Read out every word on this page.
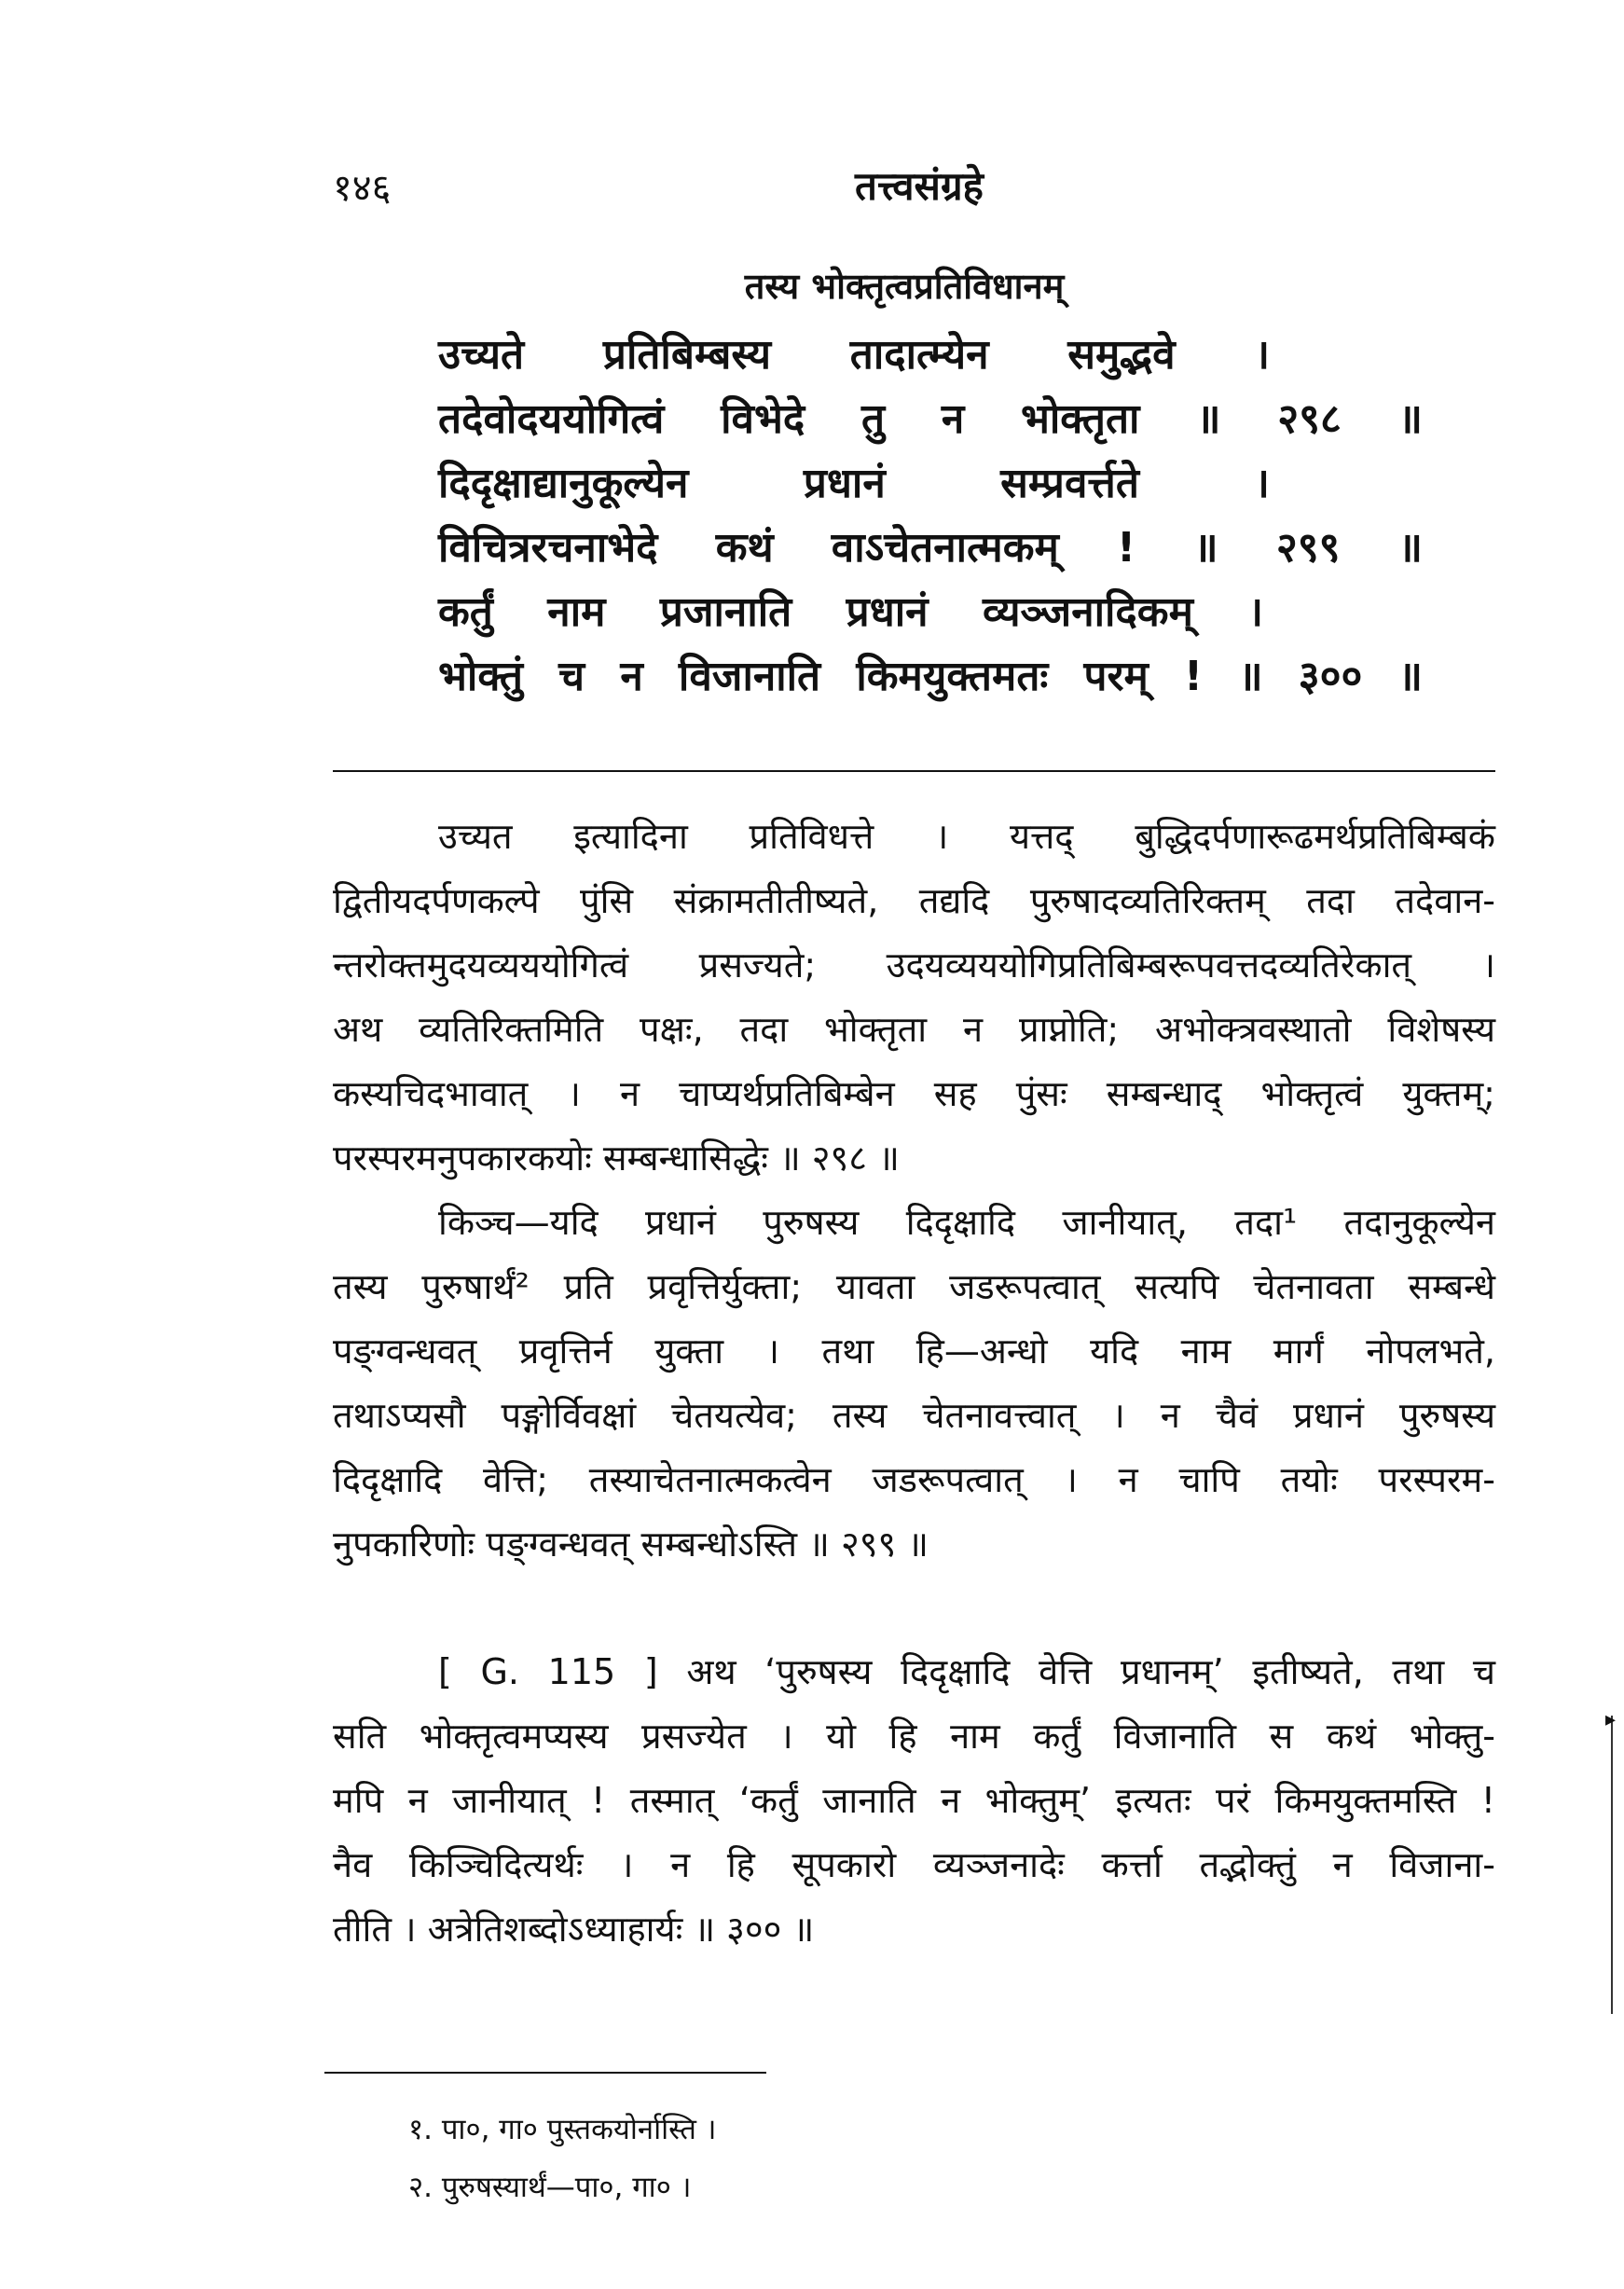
१४६	तत्त्वसंग्रहे
तस्य भोक्तृत्वप्रतिविधानम्
उच्यते प्रतिबिम्बस्य तादात्म्येन समुद्भवे ।
तदेवोदययोगित्वं विभेदे तु न भोक्तृता ॥ २९८ ॥
दिदृक्षाद्यानुकूल्येन प्रधानं सम्प्रवर्त्तते ।
विचित्ररचनाभेदे कथं वाऽचेतनात्मकम् ! ॥ २९९ ॥
कर्तुं नाम प्रजानाति प्रधानं व्यञ्जनादिकम् ।
भोक्तुं च न विजानाति किमयुक्तमतः परम् ! ॥ ३०० ॥
उच्यत इत्यादिना प्रतिविधत्ते । यत्तद् बुद्धिदर्पणारूढमर्थप्रतिबिम्बकं
द्वितीयदर्पणकल्पे पुंसि संक्रामतीतीष्यते, तद्यदि पुरुषादव्यतिरिक्तम् तदा तदेवान-
न्तरोक्तमुदयव्यययोगित्वं प्रसज्यते; उदयव्यययोगिप्रतिबिम्बरूपवत्तदव्यतिरेकात् ।
अथ व्यतिरिक्तमिति पक्षः, तदा भोक्तृता न प्राप्नोति; अभोक्त्रवस्थातो विशेषस्य
कस्यचिदभावात् । न चाप्यर्थप्रतिबिम्बेन सह पुंसः सम्बन्धाद् भोक्तृत्वं युक्तम्;
परस्परमनुपकारकयोः सम्बन्धासिद्धेः ॥ २९८ ॥
किञ्च—यदि प्रधानं पुरुषस्य दिदृक्षादि जानीयात्, तदा¹ तदानुकूल्येन
तस्य पुरुषार्थं² प्रति प्रवृत्तिर्युक्ता; यावता जडरूपत्वात् सत्यपि चेतनावता सम्बन्धे
पङ्ग्वन्धवत् प्रवृत्तिर्न युक्ता । तथा हि—अन्धो यदि नाम मार्गं नोपलभते,
तथाऽप्यसौ पङ्गोर्विवक्षां चेतयत्येव; तस्य चेतनावत्त्वात् । न चैवं प्रधानं पुरुषस्य
दिदृक्षादि वेत्ति; तस्याचेतनात्मकत्वेन जडरूपत्वात् । न चापि तयोः परस्परम-
नुपकारिणोः पङ्ग्वन्धवत् सम्बन्धोऽस्ति ॥ २९९ ॥
[ G. 115 ] अथ ‘पुरुषस्य दिदृक्षादि वेत्ति प्रधानम्’ इतीष्यते, तथा च
सति भोक्तृत्वमप्यस्य प्रसज्येत । यो हि नाम कर्तुं विजानाति स कथं भोक्तु-
मपि न जानीयात् ! तस्मात् ‘कर्तुं जानाति न भोक्तुम्’ इत्यतः परं किमयुक्तमस्ति !
नैव किञ्चिदित्यर्थः । न हि सूपकारो व्यञ्जनादेः कर्त्ता तद्भोक्तुं न विजाना-
तीति । अत्रेतिशब्दोऽध्याहार्यः ॥ ३०० ॥
१. पा०, गा० पुस्तकयोर्नास्ति ।
२. पुरुषस्यार्थं—पा०, गा० ।
▸
